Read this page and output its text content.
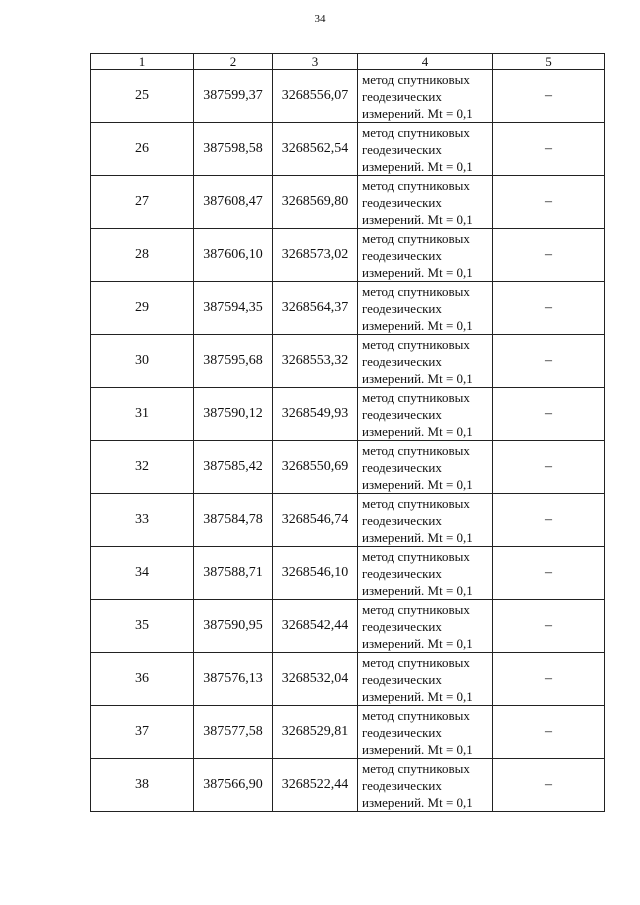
34
1	2	3	4	5
25	387599,37	3268556,07	метод спутниковых
геодезических
измерений. Mt = 0,1	–
26	387598,58	3268562,54	метод спутниковых
геодезических
измерений. Mt = 0,1	–
27	387608,47	3268569,80	метод спутниковых
геодезических
измерений. Mt = 0,1	–
28	387606,10	3268573,02	метод спутниковых
геодезических
измерений. Mt = 0,1	–
29	387594,35	3268564,37	метод спутниковых
геодезических
измерений. Mt = 0,1	–
30	387595,68	3268553,32	метод спутниковых
геодезических
измерений. Mt = 0,1	–
31	387590,12	3268549,93	метод спутниковых
геодезических
измерений. Mt = 0,1	–
32	387585,42	3268550,69	метод спутниковых
геодезических
измерений. Mt = 0,1	–
33	387584,78	3268546,74	метод спутниковых
геодезических
измерений. Mt = 0,1	–
34	387588,71	3268546,10	метод спутниковых
геодезических
измерений. Mt = 0,1	–
35	387590,95	3268542,44	метод спутниковых
геодезических
измерений. Mt = 0,1	–
36	387576,13	3268532,04	метод спутниковых
геодезических
измерений. Mt = 0,1	–
37	387577,58	3268529,81	метод спутниковых
геодезических
измерений. Mt = 0,1	–
38	387566,90	3268522,44	метод спутниковых
геодезических
измерений. Mt = 0,1	–
